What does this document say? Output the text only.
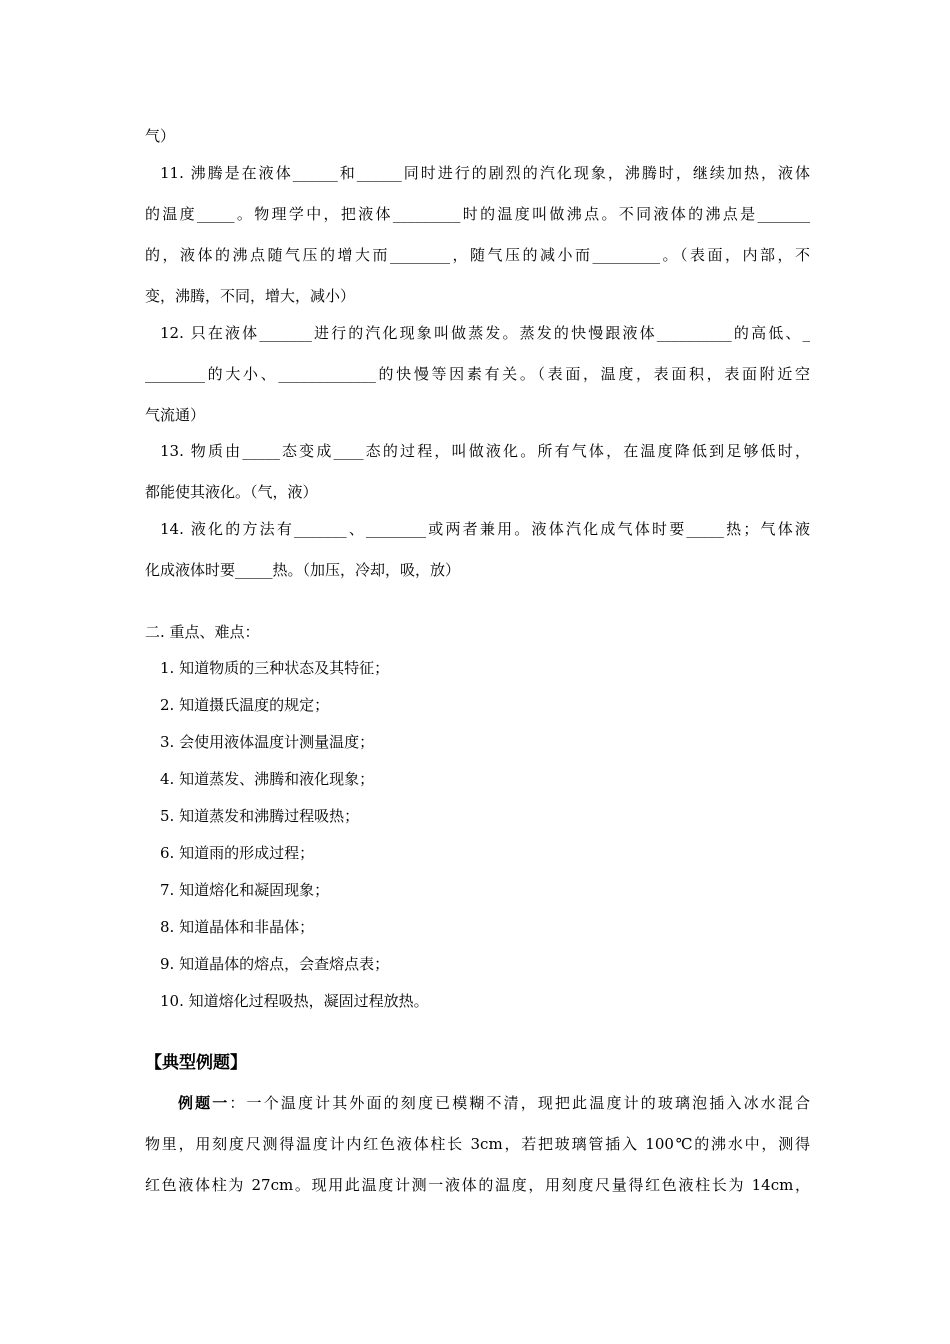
气）
11. 沸腾是在液体______和______同时进行的剧烈的汽化现象，沸腾时，继续加热，液体
的温度_____。物理学中，把液体_________时的温度叫做沸点。不同液体的沸点是_______
的，液体的沸点随气压的增大而________，随气压的减小而_________。（表面，内部，不
变，沸腾，不同，增大，减小）
12. 只在液体_______进行的汽化现象叫做蒸发。蒸发的快慢跟液体__________的高低、_
________的大小、_____________的快慢等因素有关。（表面，温度，表面积，表面附近空
气流通）
13. 物质由_____态变成____态的过程，叫做液化。所有气体，在温度降低到足够低时，
都能使其液化。（气，液）
14. 液化的方法有_______、________或两者兼用。液体汽化成气体时要_____热；气体液
化成液体时要_____热。（加压，冷却，吸，放）
二. 重点、难点：
1. 知道物质的三种状态及其特征；
2. 知道摄氏温度的规定；
3. 会使用液体温度计测量温度；
4. 知道蒸发、沸腾和液化现象；
5. 知道蒸发和沸腾过程吸热；
6. 知道雨的形成过程；
7. 知道熔化和凝固现象；
8. 知道晶体和非晶体；
9. 知道晶体的熔点，会查熔点表；
10. 知道熔化过程吸热，凝固过程放热。
【典型例题】
例题一：一个温度计其外面的刻度已模糊不清，现把此温度计的玻璃泡插入冰水混合
物里，用刻度尺测得温度计内红色液体柱长 3cm，若把玻璃管插入 100℃的沸水中，测得
红色液体柱为 27cm。现用此温度计测一液体的温度，用刻度尺量得红色液柱长为 14cm，
